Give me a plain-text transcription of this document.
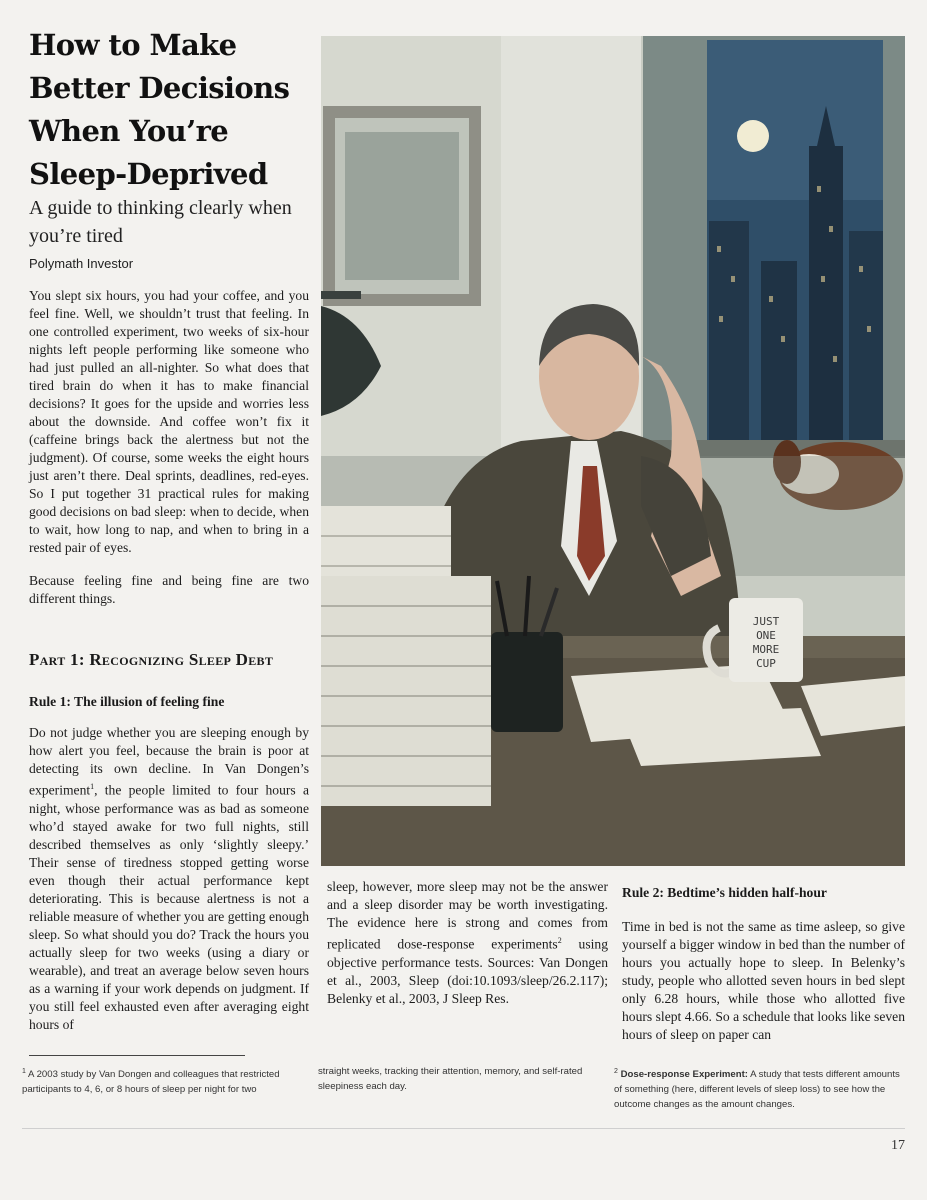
How to Make Better Decisions When You’re Sleep-Deprived
A guide to thinking clearly when you’re tired
Polymath Investor

You slept six hours, you had your coffee, and you feel fine. Well, we shouldn’t trust that feeling. In one controlled experiment, two weeks of six-hour nights left people performing like someone who had just pulled an all-nighter. So what does that tired brain do when it has to make financial decisions? It goes for the upside and worries less about the downside. And coffee won’t fix it (caffeine brings back the alertness but not the judgment). Of course, some weeks the eight hours just aren’t there. Deal sprints, deadlines, red-eyes. So I put together 31 practical rules for making good decisions on bad sleep: when to decide, when to wait, how long to nap, and when to bring in a rested pair of eyes.

Because feeling fine and being fine are two different things.

Part 1: Recognizing Sleep Debt
Rule 1: The illusion of feeling fine

Do not judge whether you are sleeping enough by how alert you feel, because the brain is poor at detecting its own decline. In Van Dongen’s experiment$^1$, the people limited to four hours a night, whose performance was as bad as someone who’d stayed awake for two full nights, still described themselves as only ‘slightly sleepy.’ Their sense of tiredness stopped getting worse even though their actual performance kept deteriorating. This is because alertness is not a reliable measure of whether you are getting enough sleep. So what should you do? Track the hours you actually sleep for two weeks (using a diary or wearable), and treat an average below seven hours as a warning if your work depends on judgment. If you still feel exhausted even after averaging eight hours of

sleep, however, more sleep may not be the answer and a sleep disorder may be worth investigating. The evidence here is strong and comes from replicated dose-response experiments$^2$ using objective performance tests. Sources: Van Dongen et al., 2003, Sleep (doi:10.1093/sleep/26.2.117); Belenky et al., 2003, J Sleep Res.

Rule 2: Bedtime’s hidden half-hour

Time in bed is not the same as time asleep, so give yourself a bigger window in bed than the number of hours you actually hope to sleep. In Belenky’s study, people who allotted seven hours in bed slept only 6.28 hours, while those who allotted five hours slept 4.66. So a schedule that looks like seven hours of sleep on paper can

JUST
ONE
MORE
CUP
$^1$ A 2003 study by Van Dongen and colleagues that restricted participants to 4, 6, or 8 hours of sleep per night for two
straight weeks, tracking their attention, memory, and self-rated sleepiness each day.
$^2$ Dose-response Experiment: A study that tests different amounts of something (here, different levels of sleep loss) to see how the outcome changes as the amount changes.
17
